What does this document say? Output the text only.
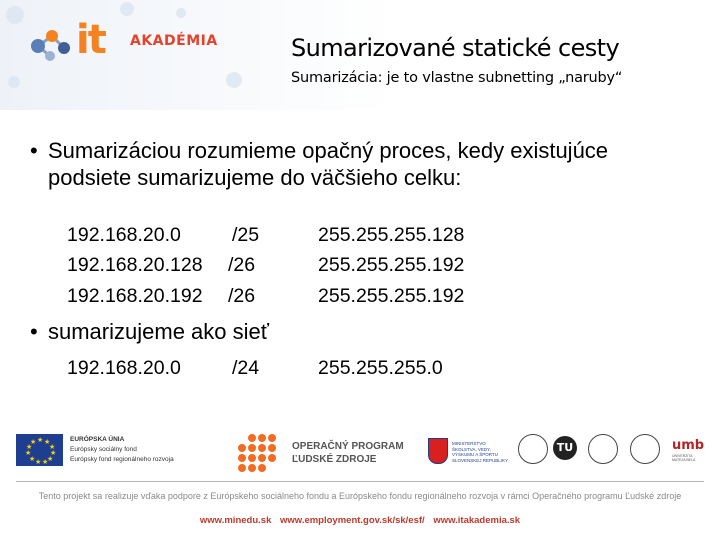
it AKADÉMIA	Sumarizované statické cesty
Sumarizácia: je to vlastne subnetting „naruby“
• Sumarizáciou rozumieme opačný proces, kedy existujúce
podsiete sumarizujeme do väčšieho celku:
192.168.20.0	/25	255.255.255.128
192.168.20.128 /26	255.255.255.192
192.168.20.192 /26	255.255.255.192
• sumarizujeme ako sieť
192.168.20.0	/24	255.255.255.0
★ ★
★
★
★
★
★
★
★
★
★	EURÓPSKA ÚNIA
Európsky sociálny fond
Európsky fond regionálneho rozvoja
OPERAČNÝ PROGRAM
ĽUDSKÉ ZDROJE
MINISTERSTVO
ŠKOLSTVA, VEDY,
VÝSKUMU A ŠPORTU
SLOVENSKEJ REPUBLIKY
TU	umb
UNIVERZITA
MATEJA BELA
Tento projekt sa realizuje vďaka podpore z Európskeho sociálneho fondu a Európskeho fondu regionálneho rozvoja v rámci Operačného programu Ľudské zdroje
www.minedu.sk www.employment.gov.sk/sk/esf/ www.itakademia.sk
